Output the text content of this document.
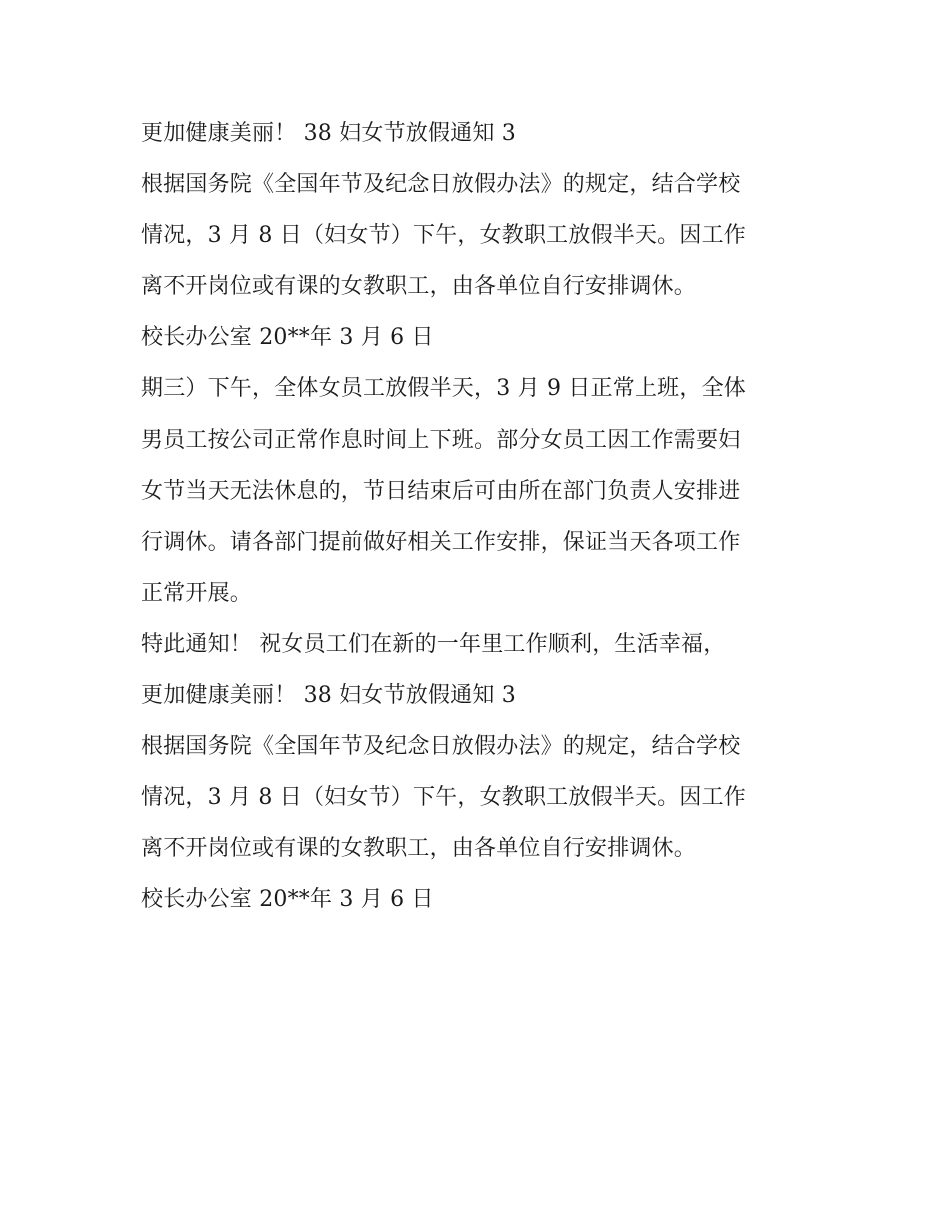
更加健康美丽！ 38 妇女节放假通知 3
根据国务院《全国年节及纪念日放假办法》的规定，结合学校
情况，3 月 8 日（妇女节）下午，女教职工放假半天。因工作
离不开岗位或有课的女教职工，由各单位自行安排调休。
校长办公室 20**年 3 月 6 日
期三）下午，全体女员工放假半天，3 月 9 日正常上班，全体
男员工按公司正常作息时间上下班。部分女员工因工作需要妇
女节当天无法休息的，节日结束后可由所在部门负责人安排进
行调休。请各部门提前做好相关工作安排，保证当天各项工作
正常开展。
特此通知！ 祝女员工们在新的一年里工作顺利，生活幸福，
更加健康美丽！ 38 妇女节放假通知 3
根据国务院《全国年节及纪念日放假办法》的规定，结合学校
情况，3 月 8 日（妇女节）下午，女教职工放假半天。因工作
离不开岗位或有课的女教职工，由各单位自行安排调休。
校长办公室 20**年 3 月 6 日
